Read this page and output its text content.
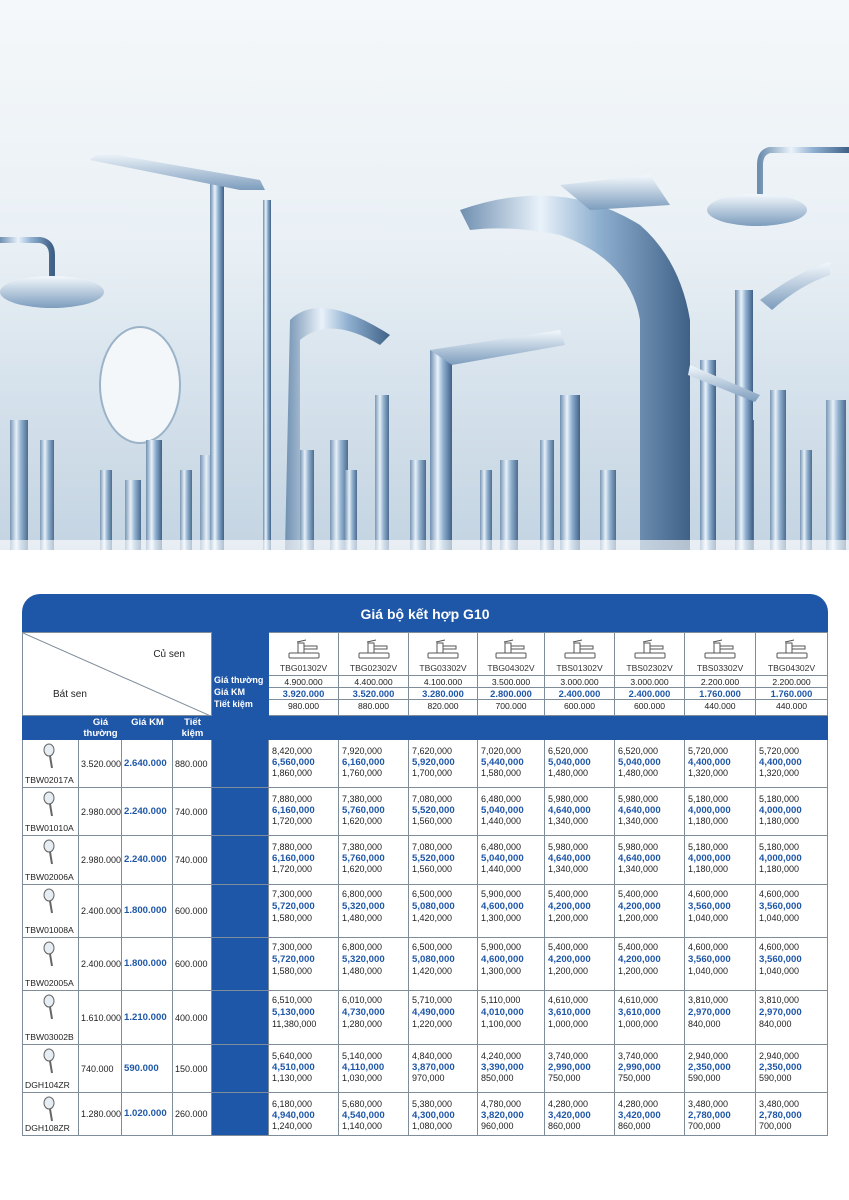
Giá bộ kết hợp G10
Củ sen
Bát sen
Giá thường
Giá KM
Tiết kiệm
TBG01302V
4.900.000
3.920.000
980.000
TBG02302V
4.400.000
3.520.000
880.000
TBG03302V
4.100.000
3.280.000
820.000
TBG04302V
3.500.000
2.800.000
700.000
TBS01302V
3.000.000
2.400.000
600.000
TBS02302V
3.000.000
2.400.000
600.000
TBS03302V
2.200.000
1.760.000
440.000
TBG04302V
2.200.000
1.760.000
440.000
Giá thường
Giá KM	Tiết kiệm
TBW02017A
3.520.000 2.640.000 880.000
8,420,000
6,560,000
1,860,000
7,920,000
6,160,000
1,760,000
7,620,000
5,920,000
1,700,000
7,020,000
5,440,000
1,580,000
6,520,000
5,040,000
1,480,000
6,520,000
5,040,000
1,480,000
5,720,000
4,400,000
1,320,000
5,720,000
4,400,000
1,320,000
TBW01010A
2.980.000 2.240.000 740.000
7,880,000
6,160,000
1,720,000
7,380,000
5,760,000
1,620,000
7,080,000
5,520,000
1,560,000
6,480,000
5,040,000
1,440,000
5,980,000
4,640,000
1,340,000
5,980,000
4,640,000
1,340,000
5,180,000
4,000,000
1,180,000
5,180,000
4,000,000
1,180,000
TBW02006A
2.980.000 2.240.000 740.000
7,880,000
6,160,000
1,720,000
7,380,000
5,760,000
1,620,000
7,080,000
5,520,000
1,560,000
6,480,000
5,040,000
1,440,000
5,980,000
4,640,000
1,340,000
5,980,000
4,640,000
1,340,000
5,180,000
4,000,000
1,180,000
5,180,000
4,000,000
1,180,000
TBW01008A
2.400.000 1.800.000 600.000
7,300,000
5,720,000
1,580,000
6,800,000
5,320,000
1,480,000
6,500,000
5,080,000
1,420,000
5,900,000
4,600,000
1,300,000
5,400,000
4,200,000
1,200,000
5,400,000
4,200,000
1,200,000
4,600,000
3,560,000
1,040,000
4,600,000
3,560,000
1,040,000
TBW02005A
2.400.000 1.800.000 600.000
7,300,000
5,720,000
1,580,000
6,800,000
5,320,000
1,480,000
6,500,000
5,080,000
1,420,000
5,900,000
4,600,000
1,300,000
5,400,000
4,200,000
1,200,000
5,400,000
4,200,000
1,200,000
4,600,000
3,560,000
1,040,000
4,600,000
3,560,000
1,040,000
TBW03002B
1.610.000 1.210.000 400.000
6,510,000
5,130,000
11,380,000
6,010,000
4,730,000
1,280,000
5,710,000
4,490,000
1,220,000
5,110,000
4,010,000
1,100,000
4,610,000
3,610,000
1,000,000
4,610,000
3,610,000
1,000,000
3,810,000
2,970,000
840,000
3,810,000
2,970,000
840,000
DGH104ZR
740.000 590.000 150.000
5,640,000
4,510,000
1,130,000
5,140,000
4,110,000
1,030,000
4,840,000
3,870,000
970,000
4,240,000
3,390,000
850,000
3,740,000
2,990,000
750,000
3,740,000
2,990,000
750,000
2,940,000
2,350,000
590,000
2,940,000
2,350,000
590,000
DGH108ZR
1.280.000 1.020.000 260.000
6,180,000
4,940,000
1,240,000
5,680,000
4,540,000
1,140,000
5,380,000
4,300,000
1,080,000
4,780,000
3,820,000
960,000
4,280,000
3,420,000
860,000
4,280,000
3,420,000
860,000
3,480,000
2,780,000
700,000
3,480,000
2,780,000
700,000
